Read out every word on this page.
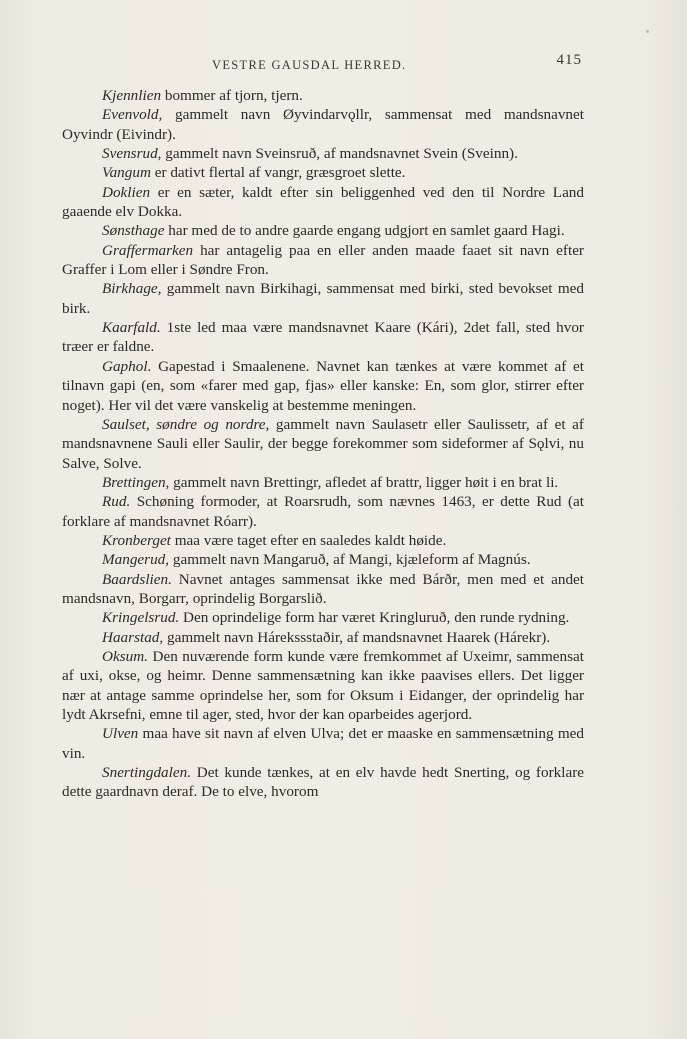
VESTRE GAUSDAL HERRED.	415

Kjennlien bommer af tjorn, tjern.

Evenvold, gammelt navn Øyvindarvǫllr, sammensat med mandsnavnet Oyvindr (Eivindr).

Svensrud, gammelt navn Sveinsruð, af mandsnavnet Svein (Sveinn).

Vangum er dativt flertal af vangr, græsgroet slette.

Doklien er en sæter, kaldt efter sin beliggenhed ved den til Nordre Land gaaende elv Dokka.

Sønsthage har med de to andre gaarde engang udgjort en samlet gaard Hagi.

Graffermarken har antagelig paa en eller anden maade faaet sit navn efter Graffer i Lom eller i Søndre Fron.

Birkhage, gammelt navn Birkihagi, sammensat med birki, sted bevokset med birk.

Kaarfald. 1ste led maa være mandsnavnet Kaare (Kári), 2det fall, sted hvor træer er faldne.

Gaphol. Gapestad i Smaalenene. Navnet kan tænkes at være kommet af et tilnavn gapi (en, som «farer med gap, fjas» eller kanske: En, som glor, stirrer efter noget). Her vil det være vanskelig at bestemme meningen.

Saulset, søndre og nordre, gammelt navn Saulasetr eller Saulissetr, af et af mandsnavnene Sauli eller Saulir, der begge forekommer som sideformer af Sǫlvi, nu Salve, Solve.

Brettingen, gammelt navn Brettingr, afledet af brattr, ligger høit i en brat li.

Rud. Schøning formoder, at Roarsrudh, som nævnes 1463, er dette Rud (at forklare af mandsnavnet Róarr).

Kronberget maa være taget efter en saaledes kaldt høide.

Mangerud, gammelt navn Mangaruð, af Mangi, kjæleform af Magnús.

Baardslien. Navnet antages sammensat ikke med Bárðr, men med et andet mandsnavn, Borgarr, oprindelig Borgarslið.

Kringelsrud. Den oprindelige form har været Kringluruð, den runde rydning.

Haarstad, gammelt navn Hárekssstaðir, af mandsnavnet Haarek (Hárekr).

Oksum. Den nuværende form kunde være fremkommet af Uxeimr, sammensat af uxi, okse, og heimr. Denne sammensætning kan ikke paavises ellers. Det ligger nær at antage samme oprindelse her, som for Oksum i Eidanger, der oprindelig har lydt Akrsefni, emne til ager, sted, hvor der kan oparbeides agerjord.

Ulven maa have sit navn af elven Ulva; det er maaske en sammensætning med vin.

Snertingdalen. Det kunde tænkes, at en elv havde hedt Snerting, og forklare dette gaardnavn deraf. De to elve, hvorom
